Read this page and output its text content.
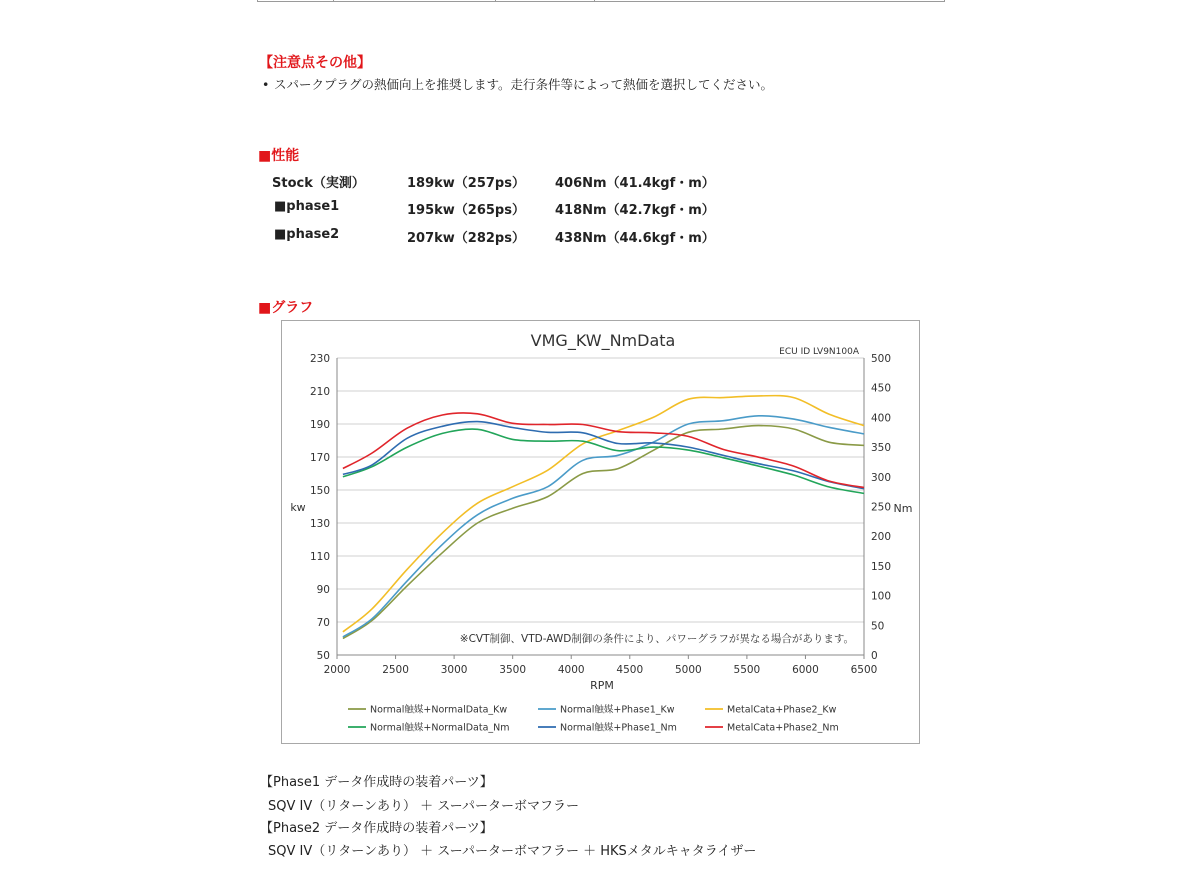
【注意点その他】
• スパークプラグの熱価向上を推奨します。走行条件等によって熱価を選択してください。
■性能
Stock（実測）	189kw（257ps） 406Nm（41.4kgf・m）
■phase1	195kw（265ps） 418Nm（42.7kgf・m）
■phase2	207kw（282ps） 438Nm（44.6kgf・m）
■グラフ
50
70
90
110
130
150
170
190
210
230
0
50
100
150
200
250
300
350
400
450
500
2000	2500	3000	3500	4000	4500	5000	5500	6000	6500
VMG_KW_NmData
ECU ID LV9N100A
※CVT制御、VTD-AWD制御の条件により、パワーグラフが異なる場合があります。
kw	Nm
RPM
Normal触媒+NormalData_Kw	Normal触媒+Phase1_Kw	MetalCata+Phase2_Kw
Normal触媒+NormalData_Nm	Normal触媒+Phase1_Nm	MetalCata+Phase2_Nm
【Phase1 データ作成時の装着パーツ】
SQV IV（リターンあり） ＋ スーパーターボマフラー
【Phase2 データ作成時の装着パーツ】
SQV IV（リターンあり） ＋ スーパーターボマフラー ＋ HKSメタルキャタライザー
